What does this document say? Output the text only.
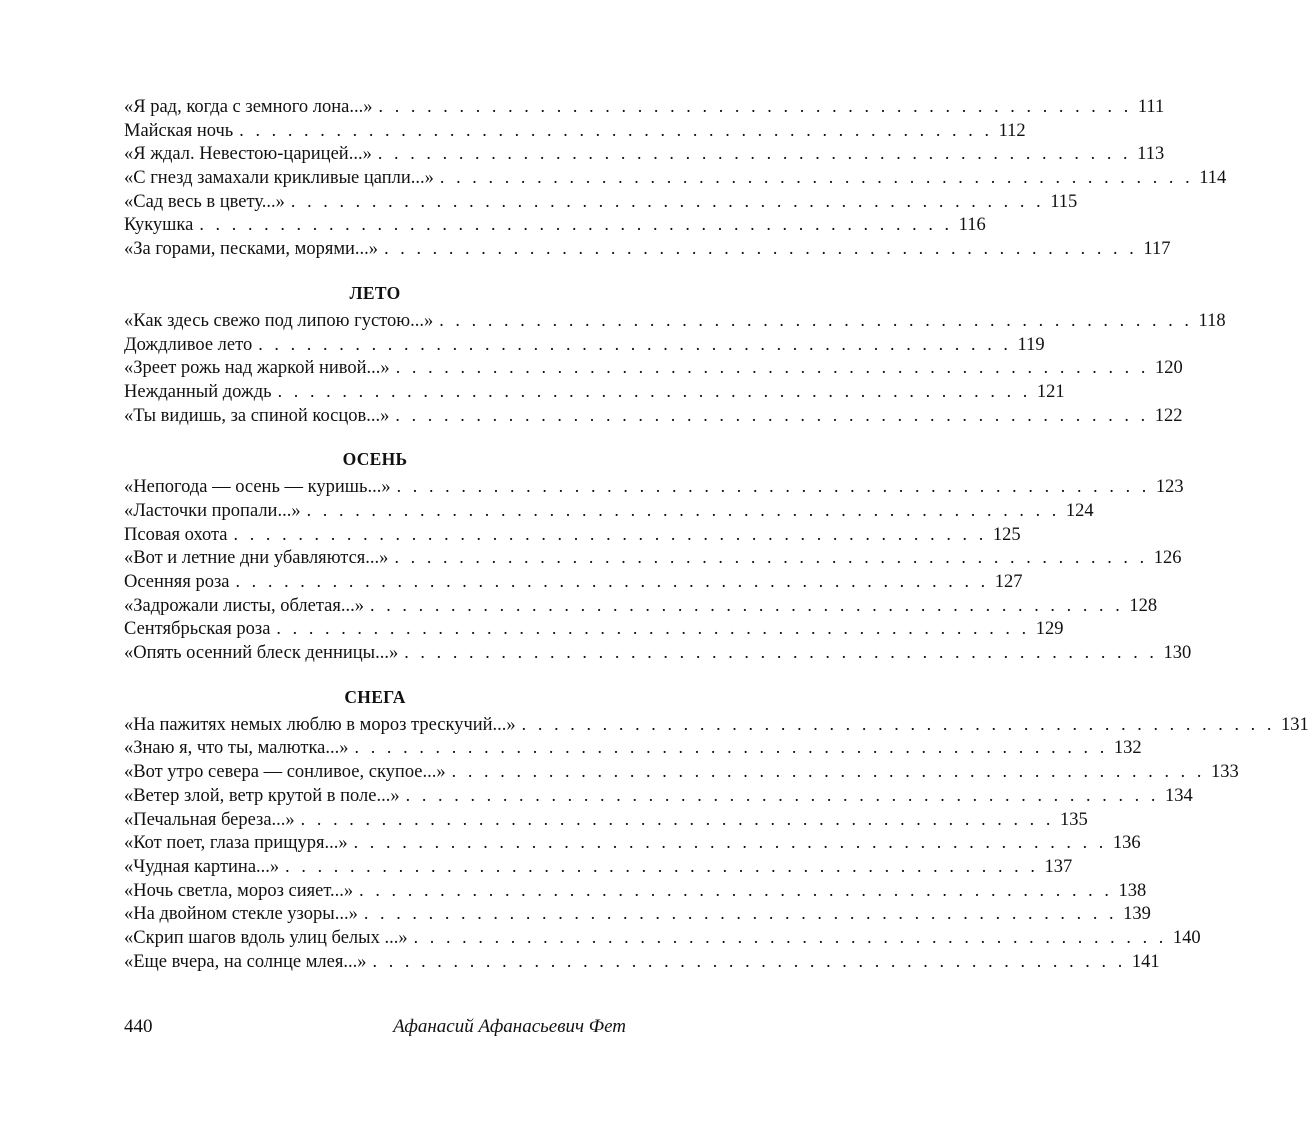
«Я рад, когда с земного лона...» . . . . . . . . . . . . . . . . . . . . . . . . . . . . . . . . . . . . . . . . . . . . . . . 111
Майская ночь . . . . . . . . . . . . . . . . . . . . . . . . . . . . . . . . . . . . . . . . . . . . . . . 112
«Я ждал. Невестою-царицей...» . . . . . . . . . . . . . . . . . . . . . . . . . . . . . . . . . . . . . . . . . . . . . . . 113
«С гнезд замахали крикливые цапли...» . . . . . . . . . . . . . . . . . . . . . . . . . . . . . . . . . . . . . . . . . . . . . . . 114
«Сад весь в цвету...» . . . . . . . . . . . . . . . . . . . . . . . . . . . . . . . . . . . . . . . . . . . . . . . 115
Кукушка . . . . . . . . . . . . . . . . . . . . . . . . . . . . . . . . . . . . . . . . . . . . . . . 116
«За горами, песками, морями...» . . . . . . . . . . . . . . . . . . . . . . . . . . . . . . . . . . . . . . . . . . . . . . . 117
ЛЕТО
«Как здесь свежо под липою густою...» . . . . . . . . . . . . . . . . . . . . . . . . . . . . . . . . . . . . . . . . . . . . . . . 118
Дождливое лето . . . . . . . . . . . . . . . . . . . . . . . . . . . . . . . . . . . . . . . . . . . . . . . 119
«Зреет рожь над жаркой нивой...» . . . . . . . . . . . . . . . . . . . . . . . . . . . . . . . . . . . . . . . . . . . . . . . 120
Нежданный дождь . . . . . . . . . . . . . . . . . . . . . . . . . . . . . . . . . . . . . . . . . . . . . . . 121
«Ты видишь, за спиной косцов...» . . . . . . . . . . . . . . . . . . . . . . . . . . . . . . . . . . . . . . . . . . . . . . . 122
ОСЕНЬ
«Непогода — осень — куришь...» . . . . . . . . . . . . . . . . . . . . . . . . . . . . . . . . . . . . . . . . . . . . . . . 123
«Ласточки пропали...» . . . . . . . . . . . . . . . . . . . . . . . . . . . . . . . . . . . . . . . . . . . . . . . 124
Псовая охота . . . . . . . . . . . . . . . . . . . . . . . . . . . . . . . . . . . . . . . . . . . . . . . 125
«Вот и летние дни убавляются...» . . . . . . . . . . . . . . . . . . . . . . . . . . . . . . . . . . . . . . . . . . . . . . . 126
Осенняя роза . . . . . . . . . . . . . . . . . . . . . . . . . . . . . . . . . . . . . . . . . . . . . . . 127
«Задрожали листы, облетая...» . . . . . . . . . . . . . . . . . . . . . . . . . . . . . . . . . . . . . . . . . . . . . . . 128
Сентябрьская роза . . . . . . . . . . . . . . . . . . . . . . . . . . . . . . . . . . . . . . . . . . . . . . . 129
«Опять осенний блеск денницы...» . . . . . . . . . . . . . . . . . . . . . . . . . . . . . . . . . . . . . . . . . . . . . . . 130
СНЕГА
«На пажитях немых люблю в мороз трескучий...» . . . . . . . . . . . . . . . . . . . . . . . . . . . . . . . . . . . . . . . . . . . . . . . 131
«Знаю я, что ты, малютка...» . . . . . . . . . . . . . . . . . . . . . . . . . . . . . . . . . . . . . . . . . . . . . . . 132
«Вот утро севера — сонливое, скупое...» . . . . . . . . . . . . . . . . . . . . . . . . . . . . . . . . . . . . . . . . . . . . . . . 133
«Ветер злой, ветр крутой в поле...» . . . . . . . . . . . . . . . . . . . . . . . . . . . . . . . . . . . . . . . . . . . . . . . 134
«Печальная береза...» . . . . . . . . . . . . . . . . . . . . . . . . . . . . . . . . . . . . . . . . . . . . . . . 135
«Кот поет, глаза прищуря...» . . . . . . . . . . . . . . . . . . . . . . . . . . . . . . . . . . . . . . . . . . . . . . . 136
«Чудная картина...» . . . . . . . . . . . . . . . . . . . . . . . . . . . . . . . . . . . . . . . . . . . . . . . 137
«Ночь светла, мороз сияет...» . . . . . . . . . . . . . . . . . . . . . . . . . . . . . . . . . . . . . . . . . . . . . . . 138
«На двойном стекле узоры...» . . . . . . . . . . . . . . . . . . . . . . . . . . . . . . . . . . . . . . . . . . . . . . . 139
«Скрип шагов вдоль улиц белых ...» . . . . . . . . . . . . . . . . . . . . . . . . . . . . . . . . . . . . . . . . . . . . . . . 140
«Еще вчера, на солнце млея...» . . . . . . . . . . . . . . . . . . . . . . . . . . . . . . . . . . . . . . . . . . . . . . . 141
440	Афанасий Афанасьевич Фет
